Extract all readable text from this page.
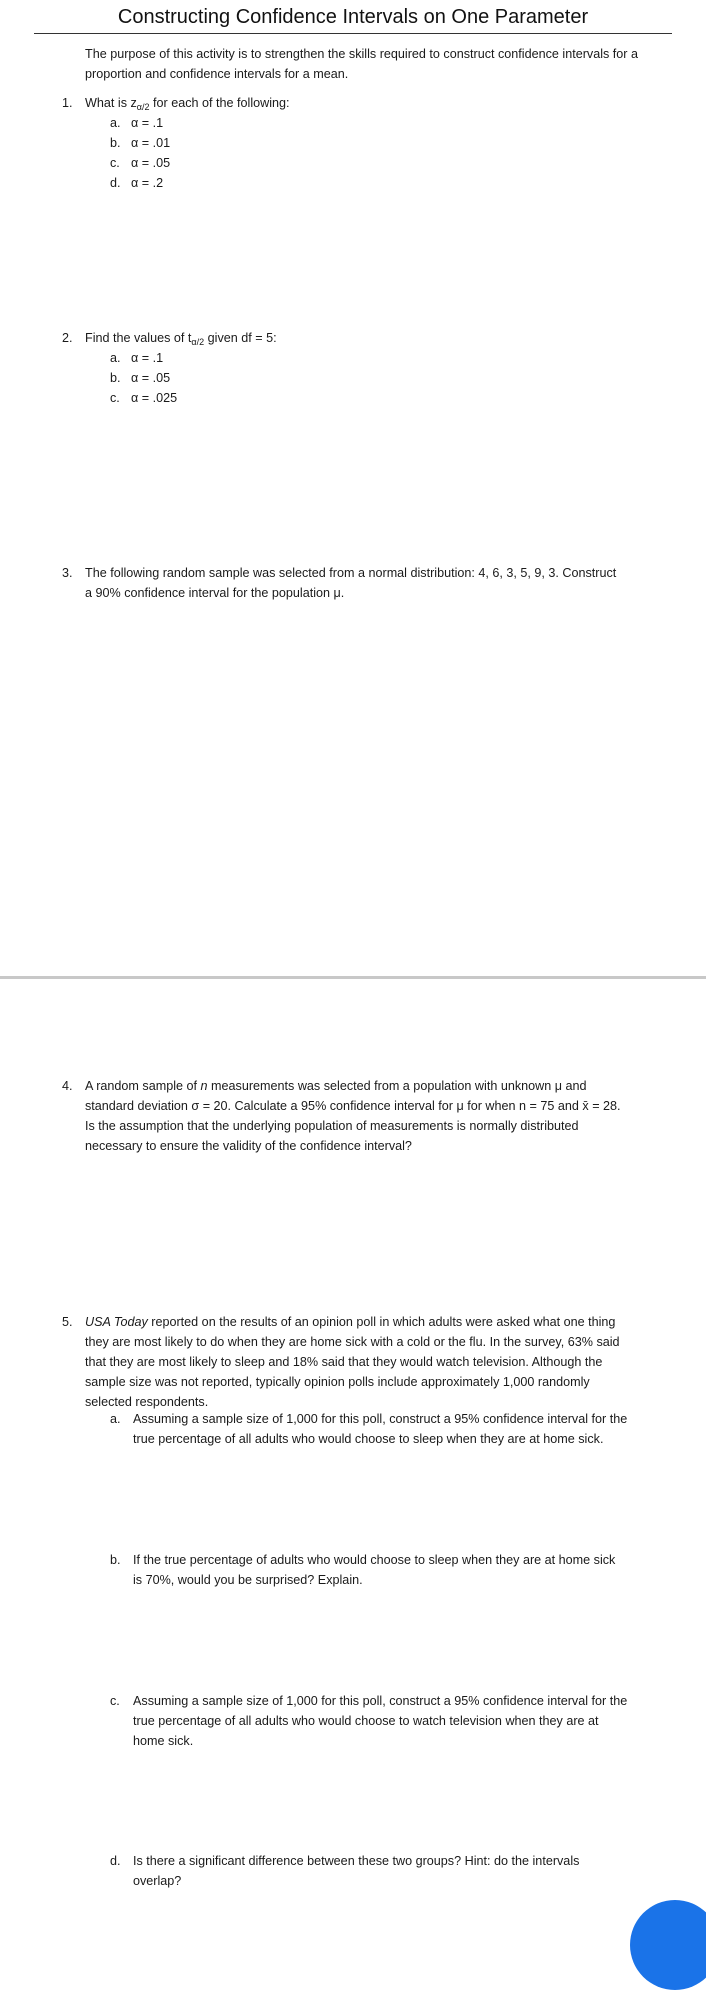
Constructing Confidence Intervals on One Parameter
The purpose of this activity is to strengthen the skills required to construct confidence intervals for a proportion and confidence intervals for a mean.
1. What is $z_{\alpha/2}$ for each of the following:
a. α = .1
b. α = .01
c. α = .05
d. α = .2
2. Find the values of $t_{\alpha/2}$ given df = 5:
a. α = .1
b. α = .05
c. α = .025
3. The following random sample was selected from a normal distribution: 4, 6, 3, 5, 9, 3. Construct
a 90% confidence interval for the population μ.
4. A random sample of n measurements was selected from a population with unknown μ and
standard deviation σ = 20. Calculate a 95% confidence interval for μ for when n = 75 and x̄ = 28.
Is the assumption that the underlying population of measurements is normally distributed
necessary to ensure the validity of the confidence interval?
5. USA Today reported on the results of an opinion poll in which adults were asked what one thing
they are most likely to do when they are home sick with a cold or the flu. In the survey, 63% said
that they are most likely to sleep and 18% said that they would watch television. Although the
sample size was not reported, typically opinion polls include approximately 1,000 randomly
selected respondents.
a. Assuming a sample size of 1,000 for this poll, construct a 95% confidence interval for the
true percentage of all adults who would choose to sleep when they are at home sick.
b. If the true percentage of adults who would choose to sleep when they are at home sick
is 70%, would you be surprised? Explain.
c. Assuming a sample size of 1,000 for this poll, construct a 95% confidence interval for the
true percentage of all adults who would choose to watch television when they are at
home sick.
d. Is there a significant difference between these two groups? Hint: do the intervals
overlap?
